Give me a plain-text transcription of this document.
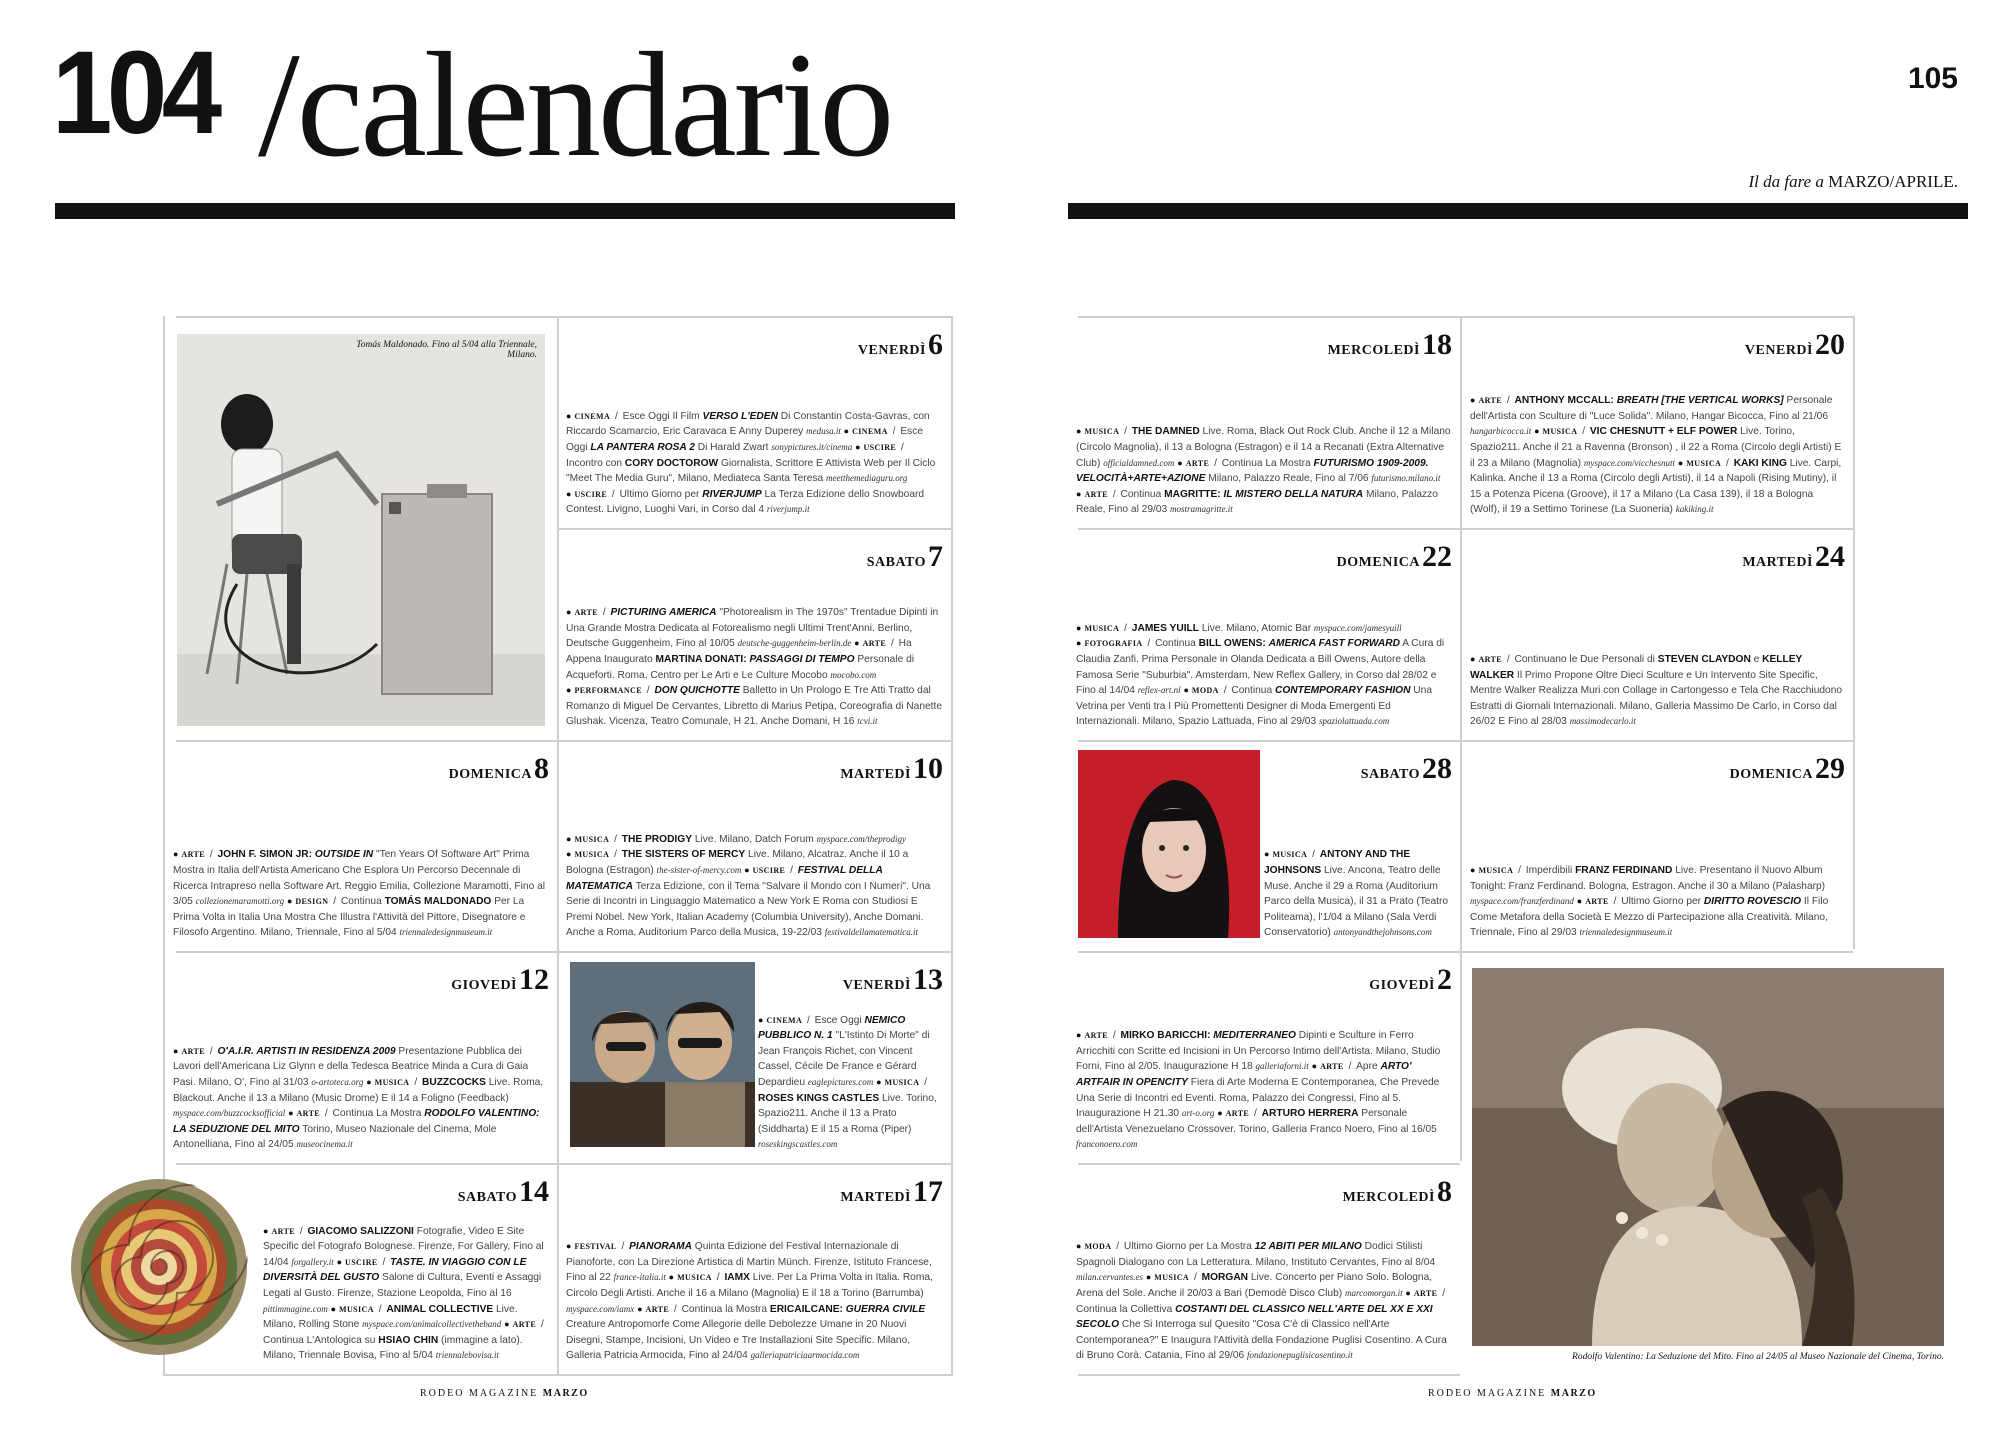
104 /calendario	105
Il da fare a MARZO/APRILE.
Tomás Maldonado. Fino al 5/04 alla Triennale, Milano.
Rodolfo Valentino: La Seduzione del Mito. Fino al 24/05 al Museo Nazionale del Cinema, Torino.
VENERDÌ6
● CINEMA / Esce Oggi Il Film VERSO L'EDEN Di Constantin Costa-Gavras, con Riccardo Scamarcio, Eric Caravaca E Anny Duperey medusa.it ● CINEMA / Esce Oggi LA PANTERA ROSA 2 Di Harald Zwart sonypictures.it/cinema ● USCIRE / Incontro con CORY DOCTOROW Giornalista, Scrittore E Attivista Web per Il Ciclo "Meet The Media Guru", Milano, Mediateca Santa Teresa meetthemediaguru.org ● USCIRE / Ultimo Giorno per RIVERJUMP La Terza Edizione dello Snowboard Contest. Livigno, Luoghi Vari, in Corso dal 4 riverjump.it
SABATO7
● ARTE / PICTURING AMERICA "Photorealism in The 1970s" Trentadue Dipinti in Una Grande Mostra Dedicata al Fotorealismo negli Ultimi Trent'Anni. Berlino, Deutsche Guggenheim, Fino al 10/05 deutsche-guggenheim-berlin.de ● ARTE / Ha Appena Inaugurato MARTINA DONATI: PASSAGGI DI TEMPO Personale di Acqueforti. Roma, Centro per Le Arti e Le Culture Mocobo mocobo.com ● PERFORMANCE / DON QUICHOTTE Balletto in Un Prologo E Tre Atti Tratto dal Romanzo di Miguel De Cervantes, Libretto di Marius Petipa, Coreografia di Nanette Glushak. Vicenza, Teatro Comunale, H 21. Anche Domani, H 16 tcvi.it
DOMENICA8
● ARTE / JOHN F. SIMON JR: OUTSIDE IN "Ten Years Of Software Art" Prima Mostra in Italia dell'Artista Americano Che Esplora Un Percorso Decennale di Ricerca Intrapreso nella Software Art. Reggio Emilia, Collezione Maramotti, Fino al 3/05 collezionemaramotti.org ● DESIGN / Continua TOMÁS MALDONADO Per La Prima Volta in Italia Una Mostra Che Illustra l'Attività del Pittore, Disegnatore e Filosofo Argentino. Milano, Triennale, Fino al 5/04 triennaledesignmuseum.it
MARTEDÌ10
● MUSICA / THE PRODIGY Live. Milano, Datch Forum myspace.com/theprodigy ● MUSICA / THE SISTERS OF MERCY Live. Milano, Alcatraz. Anche il 10 a Bologna (Estragon) the-sister-of-mercy.com ● USCIRE / FESTIVAL DELLA MATEMATICA Terza Edizione, con il Tema "Salvare il Mondo con I Numeri". Una Serie di Incontri in Linguaggio Matematico a New York E Roma con Studiosi E Premi Nobel. New York, Italian Academy (Columbia University), Anche Domani. Anche a Roma, Auditorium Parco della Musica, 19-22/03 festivaldellamatematica.it
GIOVEDÌ12
● ARTE / O'A.I.R. ARTISTI IN RESIDENZA 2009 Presentazione Pubblica dei Lavori dell'Americana Liz Glynn e della Tedesca Beatrice Minda a Cura di Gaia Pasi. Milano, O', Fino al 31/03 o-artoteca.org ● MUSICA / BUZZCOCKS Live. Roma, Blackout. Anche il 13 a Milano (Music Drome) E il 14 a Foligno (Feedback) myspace.com/buzzcocksofficial ● ARTE / Continua La Mostra RODOLFO VALENTINO: LA SEDUZIONE DEL MITO Torino, Museo Nazionale del Cinema, Mole Antonelliana, Fino al 24/05 museocinema.it
VENERDÌ13
● CINEMA / Esce Oggi NEMICO PUBBLICO N. 1 "L'Istinto Di Morte" di Jean François Richet, con Vincent Cassel, Cécile De France e Gérard Depardieu eaglepictures.com ● MUSICA / ROSES KINGS CASTLES Live. Torino, Spazio211. Anche il 13 a Prato (Siddharta) E il 15 a Roma (Piper) roseskingscastles.com
SABATO14
● ARTE / GIACOMO SALIZZONI Fotografie, Video E Site Specific del Fotografo Bolognese. Firenze, For Gallery, Fino al 14/04 forgallery.it ● USCIRE / TASTE. IN VIAGGIO CON LE DIVERSITÀ DEL GUSTO Salone di Cultura, Eventi e Assaggi Legati al Gusto. Firenze, Stazione Leopolda, Fino al 16 pittimmagine.com ● MUSICA / ANIMAL COLLECTIVE Live. Milano, Rolling Stone myspace.com/animalcollectivetheband ● ARTE / Continua L'Antologica su HSIAO CHIN (immagine a lato). Milano, Triennale Bovisa, Fino al 5/04 triennalebovisa.it
MARTEDÌ17
● FESTIVAL / PIANORAMA Quinta Edizione del Festival Internazionale di Pianoforte, con La Direzione Artistica di Martin Münch. Firenze, Istituto Francese, Fino al 22 france-italia.it ● MUSICA / IAMX Live. Per La Prima Volta in Italia. Roma, Circolo Degli Artisti. Anche il 16 a Milano (Magnolia) E il 18 a Torino (Barrumba) myspace.com/iamx ● ARTE / Continua la Mostra ERICAILCANE: GUERRA CIVILE Creature Antropomorfe Come Allegorie delle Debolezze Umane in 20 Nuovi Disegni, Stampe, Incisioni, Un Video e Tre Installazioni Site Specific. Milano, Galleria Patricia Armocida, Fino al 24/04 galleriapatriciaarmocida.com
MERCOLEDÌ18
● MUSICA / THE DAMNED Live. Roma, Black Out Rock Club. Anche il 12 a Milano (Circolo Magnolia), il 13 a Bologna (Estragon) e il 14 a Recanati (Extra Alternative Club) officialdamned.com ● ARTE / Continua La Mostra FUTURISMO 1909-2009. VELOCITÀ+ARTE+AZIONE Milano, Palazzo Reale, Fino al 7/06 futurismo.milano.it ● ARTE / Continua MAGRITTE: IL MISTERO DELLA NATURA Milano, Palazzo Reale, Fino al 29/03 mostramagritte.it
VENERDÌ20
● ARTE / ANTHONY MCCALL: BREATH [THE VERTICAL WORKS] Personale dell'Artista con Sculture di "Luce Solida". Milano, Hangar Bicocca, Fino al 21/06 hangarbicocca.it ● MUSICA / VIC CHESNUTT + ELF POWER Live. Torino, Spazio211. Anche il 21 a Ravenna (Bronson) , il 22 a Roma (Circolo degli Artisti) E il 23 a Milano (Magnolia) myspace.com/vicchesnutt ● MUSICA / KAKI KING Live. Carpi, Kalinka. Anche il 13 a Roma (Circolo degli Artisti), il 14 a Napoli (Rising Mutiny), il 15 a Potenza Picena (Groove), il 17 a Milano (La Casa 139), il 18 a Bologna (Wolf), il 19 a Settimo Torinese (La Suoneria) kakiking.it
DOMENICA22
● MUSICA / JAMES YUILL Live. Milano, Atomic Bar myspace.com/jamesyuill ● FOTOGRAFIA / Continua BILL OWENS: AMERICA FAST FORWARD A Cura di Claudia Zanfi. Prima Personale in Olanda Dedicata a Bill Owens, Autore della Famosa Serie "Suburbia". Amsterdam, New Reflex Gallery, in Corso dal 28/02 e Fino al 14/04 reflex-art.nl ● MODA / Continua CONTEMPORARY FASHION Una Vetrina per Venti tra I Più Promettenti Designer di Moda Emergenti Ed Internazionali. Milano, Spazio Lattuada, Fino al 29/03 spaziolattuada.com
MARTEDÌ24
● ARTE / Continuano le Due Personali di STEVEN CLAYDON e KELLEY WALKER Il Primo Propone Oltre Dieci Sculture e Un Intervento Site Specific, Mentre Walker Realizza Muri con Collage in Cartongesso e Tela Che Racchiudono Estratti di Giornali Internazionali. Milano, Galleria Massimo De Carlo, in Corso dal 26/02 E Fino al 28/03 massimodecarlo.it
SABATO28
● MUSICA / ANTONY AND THE JOHNSONS Live. Ancona, Teatro delle Muse. Anche il 29 a Roma (Auditorium Parco della Musica), il 31 a Prato (Teatro Politeama), l'1/04 a Milano (Sala Verdi Conservatorio) antonyandthejohnsons.com
DOMENICA29
● MUSICA / Imperdibili FRANZ FERDINAND Live. Presentano il Nuovo Album Tonight: Franz Ferdinand. Bologna, Estragon. Anche il 30 a Milano (Palasharp) myspace.com/franzferdinand ● ARTE / Ultimo Giorno per DIRITTO ROVESCIO Il Filo Come Metafora della Società E Mezzo di Partecipazione alla Creatività. Milano, Triennale, Fino al 29/03 triennaledesignmuseum.it
GIOVEDÌ2
● ARTE / MIRKO BARICCHI: MEDITERRANEO Dipinti e Sculture in Ferro Arricchiti con Scritte ed Incisioni in Un Percorso Intimo dell'Artista. Milano, Studio Forni, Fino al 2/05. Inaugurazione H 18 galleriaforni.it ● ARTE / Apre ARTO' ARTFAIR IN OPENCITY Fiera di Arte Moderna E Contemporanea, Che Prevede Una Serie di Incontri ed Eventi. Roma, Palazzo dei Congressi, Fino al 5. Inaugurazione H 21.30 art-o.org ● ARTE / ARTURO HERRERA Personale dell'Artista Venezuelano Crossover. Torino, Galleria Franco Noero, Fino al 16/05 franconoero.com
MERCOLEDÌ8
● MODA / Ultimo Giorno per La Mostra 12 ABITI PER MILANO Dodici Stilisti Spagnoli Dialogano con La Letteratura. Milano, Instituto Cervantes, Fino al 8/04 milan.cervantes.es ● MUSICA / MORGAN Live. Concerto per Piano Solo. Bologna, Arena del Sole. Anche il 20/03 a Bari (Demodè Disco Club) marcomorgan.it ● ARTE / Continua la Collettiva COSTANTI DEL CLASSICO NELL'ARTE DEL XX E XXI SECOLO Che Si Interroga sul Quesito "Cosa C'è di Classico nell'Arte Contemporanea?" E Inaugura l'Attività della Fondazione Puglisi Cosentino. A Cura di Bruno Corà. Catania, Fino al 29/06 fondazionepuglisicosentino.it
RODEO MAGAZINE MARZO	RODEO MAGAZINE MARZO
